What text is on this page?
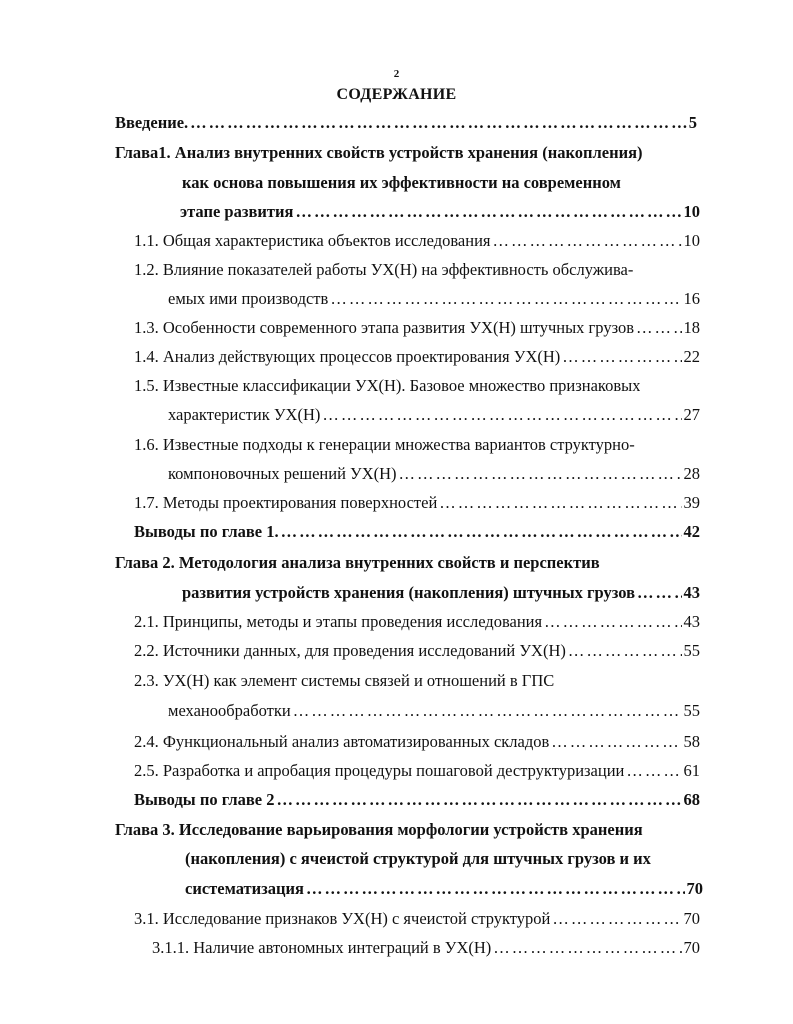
2
СОДЕРЖАНИЕ
Введение. …………………………………………………………………………………………………………………………………………………………	5
Глава1. Анализ внутренних свойств устройств хранения (накопления)
как основа повышения их эффективности на современном
этапе развития …………………………………………………………………………………………………………………………………………………………	10
1.1. Общая характеристика объектов исследования …………………………………………………………………………………………………………………………………………………………	10
1.2. Влияние показателей работы УХ(Н) на эффективность обслужива-
емых ими производств …………………………………………………………………………………………………………………………………………………………	16
1.3. Особенности современного этапа развития УХ(Н) штучных грузов …………………………………………………………………………………………………………………………………………………………	18
1.4. Анализ действующих процессов проектирования УХ(Н) …………………………………………………………………………………………………………………………………………………………	22
1.5. Известные классификации УХ(Н). Базовое множество признаковых
характеристик УХ(Н) …………………………………………………………………………………………………………………………………………………………	27
1.6. Известные подходы к генерации множества вариантов структурно-
компоновочных решений УХ(Н) …………………………………………………………………………………………………………………………………………………………	28
1.7. Методы проектирования поверхностей …………………………………………………………………………………………………………………………………………………………	39
Выводы по главе 1. …………………………………………………………………………………………………………………………………………………………	42
Глава 2. Методология анализа внутренних свойств и перспектив
развития устройств хранения (накопления) штучных грузов …………………………………………………………………………………………………………………………………………………………	43
2.1. Принципы, методы и этапы проведения исследования …………………………………………………………………………………………………………………………………………………………	43
2.2. Источники данных, для проведения исследований УХ(Н) …………………………………………………………………………………………………………………………………………………………	55
2.3. УХ(Н) как элемент системы связей и отношений в ГПС
механообработки …………………………………………………………………………………………………………………………………………………………	55
2.4. Функциональный анализ автоматизированных складов …………………………………………………………………………………………………………………………………………………………	58
2.5. Разработка и апробация процедуры пошаговой деструктуризации …………………………………………………………………………………………………………………………………………………………	61
Выводы по главе 2 …………………………………………………………………………………………………………………………………………………………	68
Глава 3. Исследование варьирования морфологии устройств хранения
(накопления) с ячеистой структурой для штучных грузов и их
систематизация …………………………………………………………………………………………………………………………………………………………	70
3.1. Исследование признаков УХ(Н) с ячеистой структурой …………………………………………………………………………………………………………………………………………………………	70
3.1.1. Наличие автономных интеграций в УХ(Н) …………………………………………………………………………………………………………………………………………………………	70
